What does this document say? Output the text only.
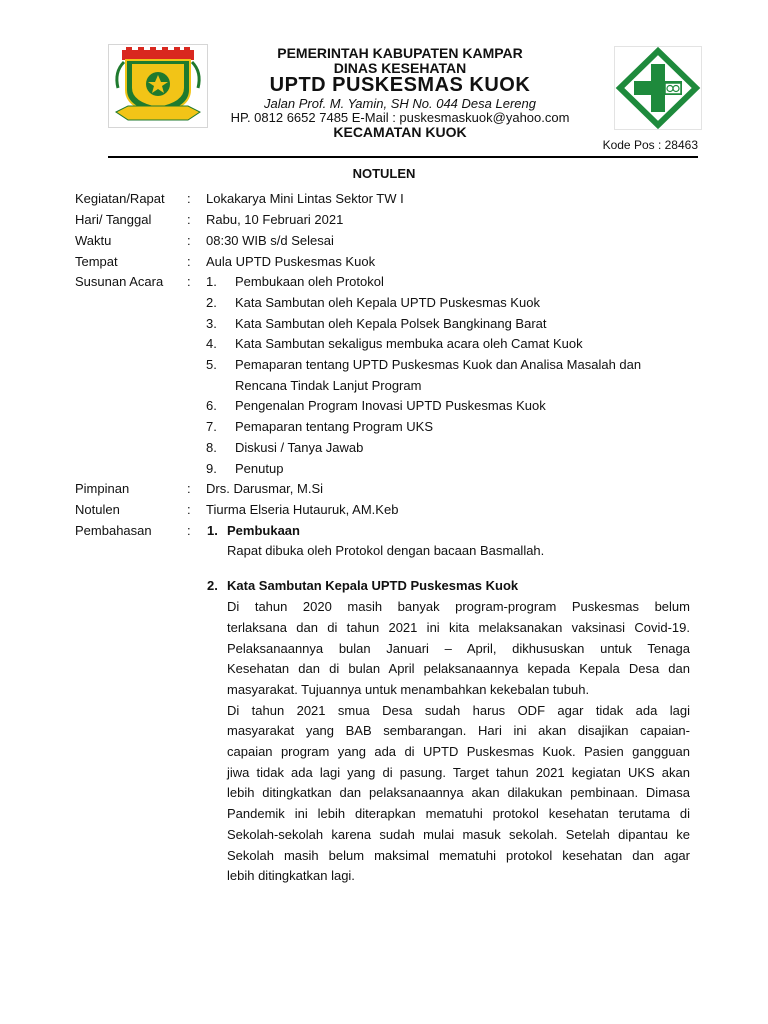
PEMERINTAH KABUPATEN KAMPAR
DINAS KESEHATAN
UPTD PUSKESMAS KUOK
Jalan Prof. M. Yamin, SH No. 044 Desa Lereng
HP. 0812 6652 7485 E-Mail : puskesmaskuok@yahoo.com
KECAMATAN KUOK
Kode Pos : 28463
NOTULEN
Kegiatan/Rapat : Lokakarya Mini Lintas Sektor TW I
Hari/ Tanggal	: Rabu, 10 Februari 2021
Waktu	: 08:30 WIB s/d Selesai
Tempat	: Aula UPTD Puskesmas Kuok
Susunan Acara : 1. Pembukaan oleh Protokol
2. Kata Sambutan oleh Kepala UPTD Puskesmas Kuok
3. Kata Sambutan oleh Kepala Polsek Bangkinang Barat
4. Kata Sambutan sekaligus membuka acara oleh Camat Kuok
5. Pemaparan tentang UPTD Puskesmas Kuok dan Analisa Masalah dan
Rencana Tindak Lanjut Program
6. Pengenalan Program Inovasi UPTD Puskesmas Kuok
7. Pemaparan tentang Program UKS
8. Diskusi / Tanya Jawab
9. Penutup
Pimpinan	: Drs. Darusmar, M.Si
Notulen	: Tiurma Elseria Hutauruk, AM.Keb
Pembahasan	: 1. Pembukaan
Rapat dibuka oleh Protokol dengan bacaan Basmallah.
2. Kata Sambutan Kepala UPTD Puskesmas Kuok
Di tahun 2020 masih banyak program-program Puskesmas belum
terlaksana dan di tahun 2021 ini kita melaksanakan vaksinasi Covid-19.
Pelaksanaannya bulan Januari – April, dikhususkan untuk Tenaga
Kesehatan dan di bulan April pelaksanaannya kepada Kepala Desa dan
masyarakat. Tujuannya untuk menambahkan kekebalan tubuh.
Di tahun 2021 smua Desa sudah harus ODF agar tidak ada lagi
masyarakat yang BAB sembarangan. Hari ini akan disajikan capaian-
capaian program yang ada di UPTD Puskesmas Kuok. Pasien gangguan
jiwa tidak ada lagi yang di pasung. Target tahun 2021 kegiatan UKS akan
lebih ditingkatkan dan pelaksanaannya akan dilakukan pembinaan. Dimasa
Pandemik ini lebih diterapkan mematuhi protokol kesehatan terutama di
Sekolah-sekolah karena sudah mulai masuk sekolah. Setelah dipantau ke
Sekolah masih belum maksimal mematuhi protokol kesehatan dan agar
lebih ditingkatkan lagi.
